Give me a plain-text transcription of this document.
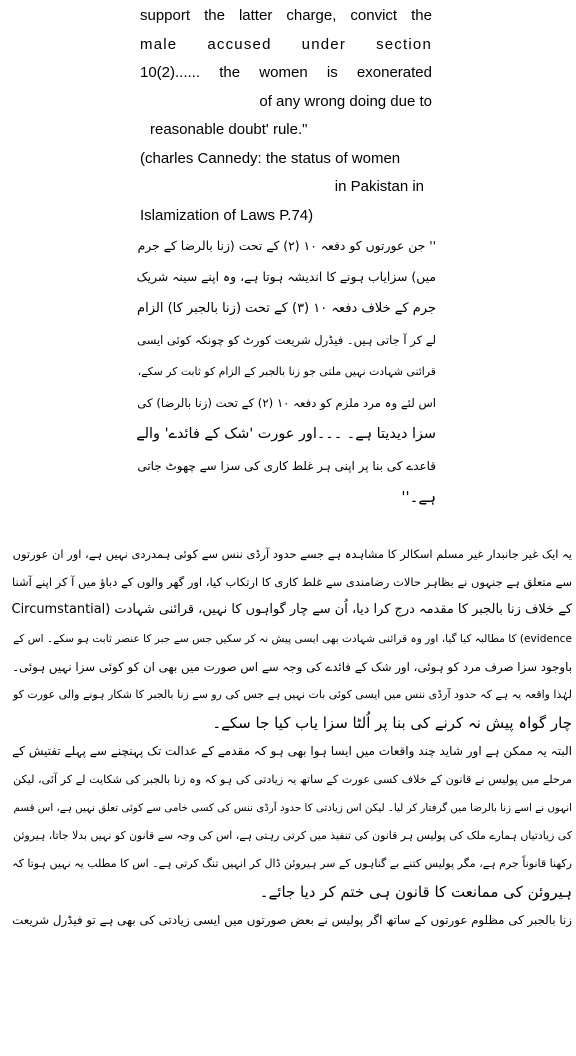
support the latter charge, convict the
male accused under section
10(2)...... the women is exonerated
of any wrong doing due to
reasonable doubt' rule."
(charles Cannedy: the status of women
in Pakistan in
Islamization of Laws P.74)
'' جن عورتوں کو دفعہ ۱۰ (۲) کے تحت (زنا بالرضا کے جرم
میں) سزایاب ہونے کا اندیشہ ہوتا ہے، وہ اپنے سینہ شریک
جرم کے خلاف دفعہ ۱۰ (۳) کے تحت (زنا بالجبر کا) الزام
لے کر آ جاتی ہیں۔ فیڈرل شریعت کورٹ کو چونکہ کوئی ایسی
قرائنی شہادت نہیں ملتی جو زنا بالجبر کے الزام کو ثابت کر سکے،
اس لئے وہ مرد ملزم کو دفعہ ۱۰ (۲) کے تحت (زنا بالرضا) کی
سزا دیدیتا ہے۔ ۔۔۔اور عورت 'شک کے فائدے' والے
قاعدے کی بنا پر اپنی ہر غلط کاری کی سزا سے چھوٹ جاتی
ہے۔''
یہ ایک غیر جانبدار غیر مسلم اسکالر کا مشاہدہ ہے جسے حدود آرڈی ننس سے کوئی ہمدردی نہیں ہے، اور ان عورتوں
سے متعلق ہے جنہوں نے بظاہر حالات رضامندی سے غلط کاری کا ارتکاب کیا، اور گھر والوں کے دباؤ میں آ کر اپنے آشنا
کے خلاف زنا بالجبر کا مقدمہ درج کرا دیا، اُن سے چار گواہوں کا نہیں، قرائنی شہادت (Circumstantial
evidence) کا مطالبہ کیا گیا، اور وہ قرائنی شہادت بھی ایسی پیش نہ کر سکیں جس سے جبر کا عنصر ثابت ہو سکے۔ اس کے
باوجود سزا صرف مرد کو ہوئی، اور شک کے فائدے کی وجہ سے اس صورت میں بھی ان کو کوئی سزا نہیں ہوئی۔
لہٰذا واقعہ یہ ہے کہ حدود آرڈی ننس میں ایسی کوئی بات نہیں ہے جس کی رو سے زنا بالجبر کا شکار ہونے والی عورت کو
چار گواہ پیش نہ کرنے کی بنا پر اُلٹا سزا یاب کیا جا سکے۔
البتہ یہ ممکن ہے اور شاید چند واقعات میں ایسا ہوا بھی ہو کہ مقدمے کے عدالت تک پہنچنے سے پہلے تفتیش کے
مرحلے میں پولیس نے قانون کے خلاف کسی عورت کے ساتھ یہ زیادتی کی ہو کہ وہ زنا بالجبر کی شکایت لے کر آئی، لیکن
انہوں نے اسے زنا بالرضا میں گرفتار کر لیا۔ لیکن اس زیادتی کا حدود آرڈی ننس کی کسی خامی سے کوئی تعلق نہیں ہے، اس قسم
کی زیادتیاں ہمارے ملک کی پولیس ہر قانون کی تنفیذ میں کرتی رہتی ہے، اس کی وجہ سے قانون کو نہیں بدلا جاتا، ہیروئن
رکھنا قانوناً جرم ہے، مگر پولیس کتنے بے گناہوں کے سر ہیروئن ڈال کر انہیں تنگ کرتی ہے۔ اس کا مطلب یہ نہیں ہوتا کہ
ہیروئن کی ممانعت کا قانون ہی ختم کر دیا جائے۔
زنا بالجبر کی مظلوم عورتوں کے ساتھ اگر پولیس نے بعض صورتوں میں ایسی زیادتی کی بھی ہے تو فیڈرل شریعت
